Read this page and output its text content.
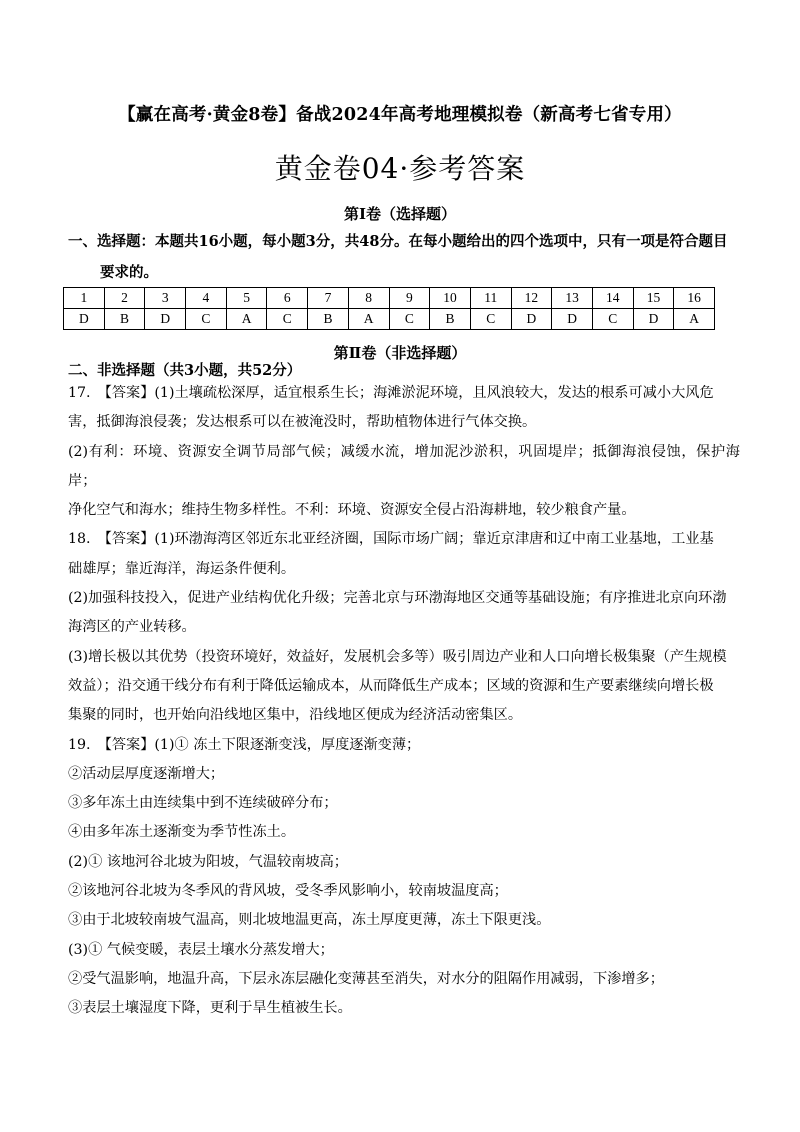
【赢在高考·黄金8卷】备战2024年高考地理模拟卷（新高考七省专用）
黄金卷04·参考答案
第Ⅰ卷（选择题）
一、选择题：本题共16小题，每小题3分，共48分。在每小题给出的四个选项中，只有一项是符合题目
要求的。
1	2	3	4	5	6	7	8	9	10	11	12	13	14	15	16
D	B	D	C	A	C	B	A	C	B	C	D	D	C	D	A
第Ⅱ卷（非选择题）
二、非选择题（共3小题，共52分）

17.　【答案】(1)土壤疏松深厚，适宜根系生长；海滩淤泥环境，且风浪较大，发达的根系可减小大风危

害，抵御海浪侵袭；发达根系可以在被淹没时，帮助植物体进行气体交换。

(2)有利：环境、资源安全调节局部气候；减缓水流，增加泥沙淤积，巩固堤岸；抵御海浪侵蚀，保护海岸；

净化空气和海水；维持生物多样性。不利：环境、资源安全侵占沿海耕地，较少粮食产量。

18.　【答案】(1)环渤海湾区邻近东北亚经济圈，国际市场广阔；靠近京津唐和辽中南工业基地，工业基

础雄厚；靠近海洋，海运条件便利。

(2)加强科技投入，促进产业结构优化升级；完善北京与环渤海地区交通等基础设施；有序推进北京向环渤

海湾区的产业转移。

(3)增长极以其优势（投资环境好，效益好，发展机会多等）吸引周边产业和人口向增长极集聚（产生规模

效益）；沿交通干线分布有利于降低运输成本，从而降低生产成本；区域的资源和生产要素继续向增长极

集聚的同时，也开始向沿线地区集中，沿线地区便成为经济活动密集区。

19.　【答案】(1)① 冻土下限逐渐变浅，厚度逐渐变薄；

②活动层厚度逐渐增大；

③多年冻土由连续集中到不连续破碎分布；

④由多年冻土逐渐变为季节性冻土。

(2)① 该地河谷北坡为阳坡，气温较南坡高；

②该地河谷北坡为冬季风的背风坡，受冬季风影响小，较南坡温度高；

③由于北坡较南坡气温高，则北坡地温更高，冻土厚度更薄，冻土下限更浅。

(3)① 气候变暖，表层土壤水分蒸发增大；

②受气温影响，地温升高，下层永冻层融化变薄甚至消失，对水分的阻隔作用减弱，下渗增多；

③表层土壤湿度下降，更利于旱生植被生长。
